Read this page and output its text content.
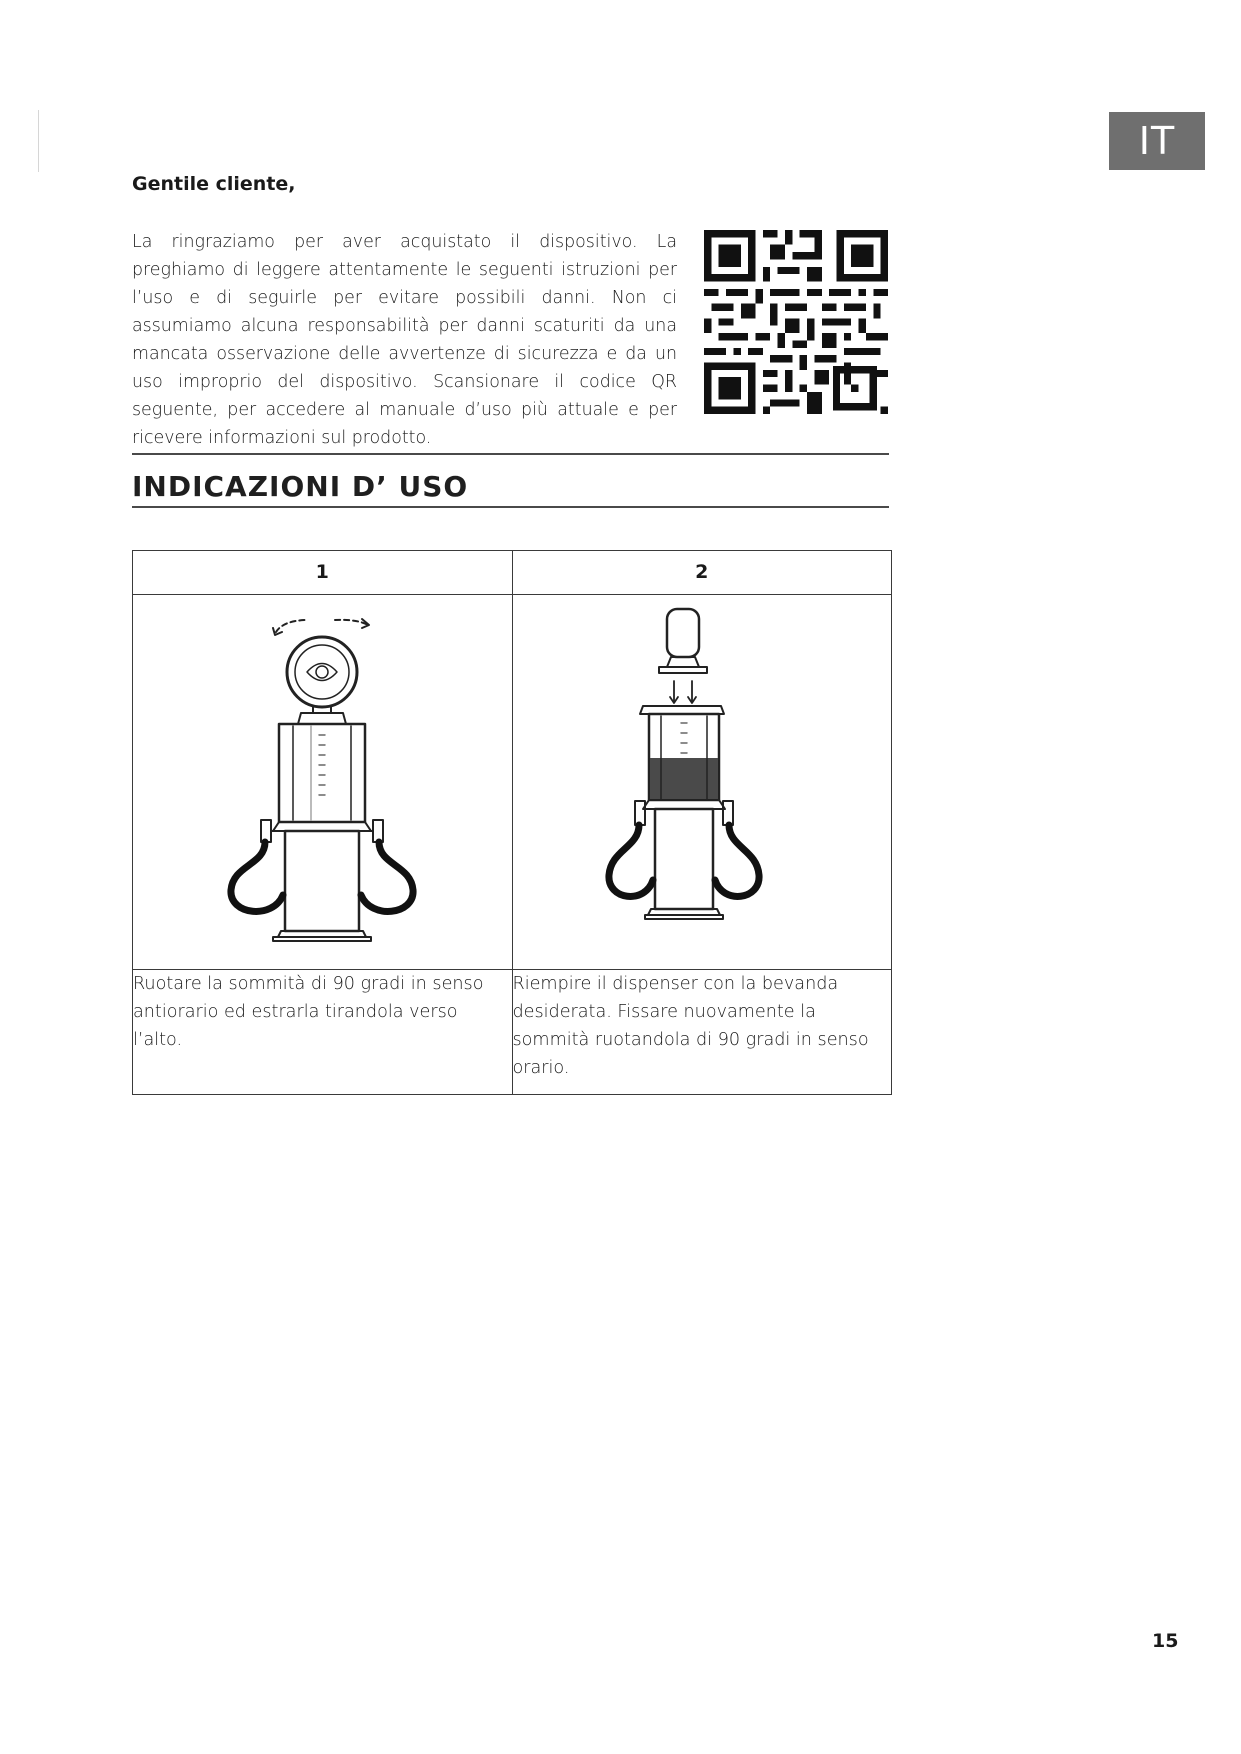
IT

Gentile cliente,

La ringraziamo per aver acquistato il dispositivo. La preghiamo di leggere attentamente le seguenti istruzioni per l’uso e di seguirle per evitare possibili danni. Non ci assumiamo alcuna responsabilità per danni scaturiti da una mancata osservazione delle avvertenze di sicurezza e da un uso improprio del dispositivo. Scansionare il codice QR seguente, per accedere al manuale d’uso più attuale e per ricevere informazioni sul prodotto.

INDICAZIONI D’ USO
1	2

Ruotare la sommità di 90 gradi in senso antiorario ed estrarla tirandola verso l’alto.	Riempire il dispenser con la bevanda desiderata. Fissare nuovamente la sommità ruotandola di 90 gradi in senso orario.

15
